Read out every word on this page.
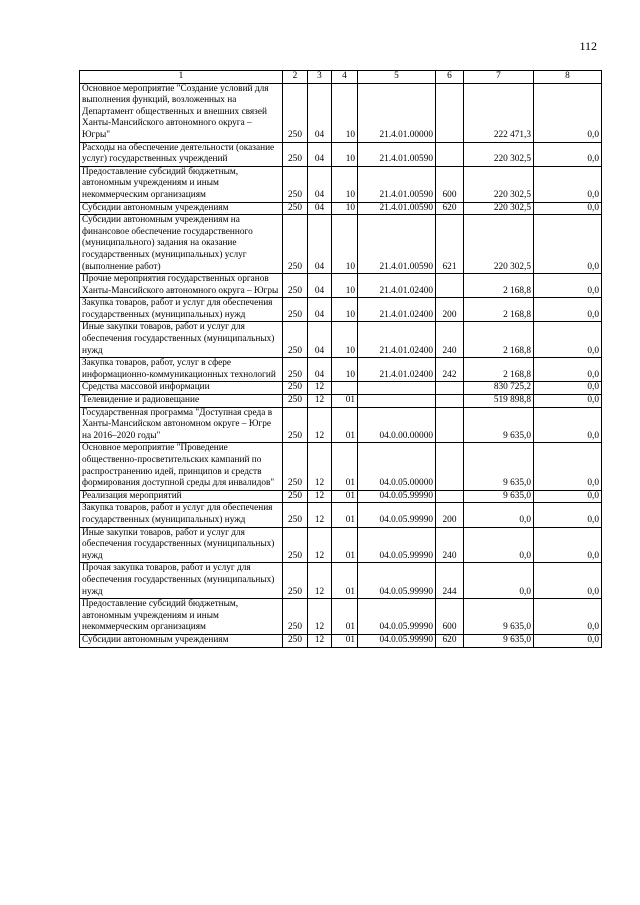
112
1	2	3	4	5	6	7	8
Основное мероприятие "Создание условий для выполнения функций, возложенных на Департамент общественных и внешних связей Ханты-Мансийского автономного округа – Югры"	250	04	10	21.4.01.00000		222 471,3	0,0
Расходы на обеспечение деятельности (оказание услуг) государственных учреждений	250	04	10	21.4.01.00590		220 302,5	0,0
Предоставление субсидий бюджетным, автономным учреждениям и иным некоммерческим организациям	250	04	10	21.4.01.00590	600	220 302,5	0,0
Субсидии автономным учреждениям	250	04	10	21.4.01.00590	620	220 302,5	0,0
Субсидии автономным учреждениям на финансовое обеспечение государственного (муниципального) задания на оказание государственных (муниципальных) услуг (выполнение работ)	250	04	10	21.4.01.00590	621	220 302,5	0,0
Прочие мероприятия государственных органов Ханты-Мансийского автономного округа – Югры	250	04	10	21.4.01.02400		2 168,8	0,0
Закупка товаров, работ и услуг для обеспечения государственных (муниципальных) нужд	250	04	10	21.4.01.02400	200	2 168,8	0,0
Иные закупки товаров, работ и услуг для обеспечения государственных (муниципальных) нужд	250	04	10	21.4.01.02400	240	2 168,8	0,0
Закупка товаров, работ, услуг в сфере информационно-коммуникационных технологий	250	04	10	21.4.01.02400	242	2 168,8	0,0
Средства массовой информации	250	12				830 725,2	0,0
Телевидение и радиовещание	250	12	01			519 898,8	0,0
Государственная программа "Доступная среда в Ханты-Мансийском автономном округе – Югре на 2016–2020 годы"	250	12	01	04.0.00.00000		9 635,0	0,0
Основное мероприятие "Проведение общественно-просветительских кампаний по распространению идей, принципов и средств формирования доступной среды для инвалидов"	250	12	01	04.0.05.00000		9 635,0	0,0
Реализация мероприятий	250	12	01	04.0.05.99990		9 635,0	0,0
Закупка товаров, работ и услуг для обеспечения государственных (муниципальных) нужд	250	12	01	04.0.05.99990	200	0,0	0,0
Иные закупки товаров, работ и услуг для обеспечения государственных (муниципальных) нужд	250	12	01	04.0.05.99990	240	0,0	0,0
Прочая закупка товаров, работ и услуг для обеспечения государственных (муниципальных) нужд	250	12	01	04.0.05.99990	244	0,0	0,0
Предоставление субсидий бюджетным, автономным учреждениям и иным некоммерческим организациям	250	12	01	04.0.05.99990	600	9 635,0	0,0
Субсидии автономным учреждениям	250	12	01	04.0.05.99990	620	9 635,0	0,0
